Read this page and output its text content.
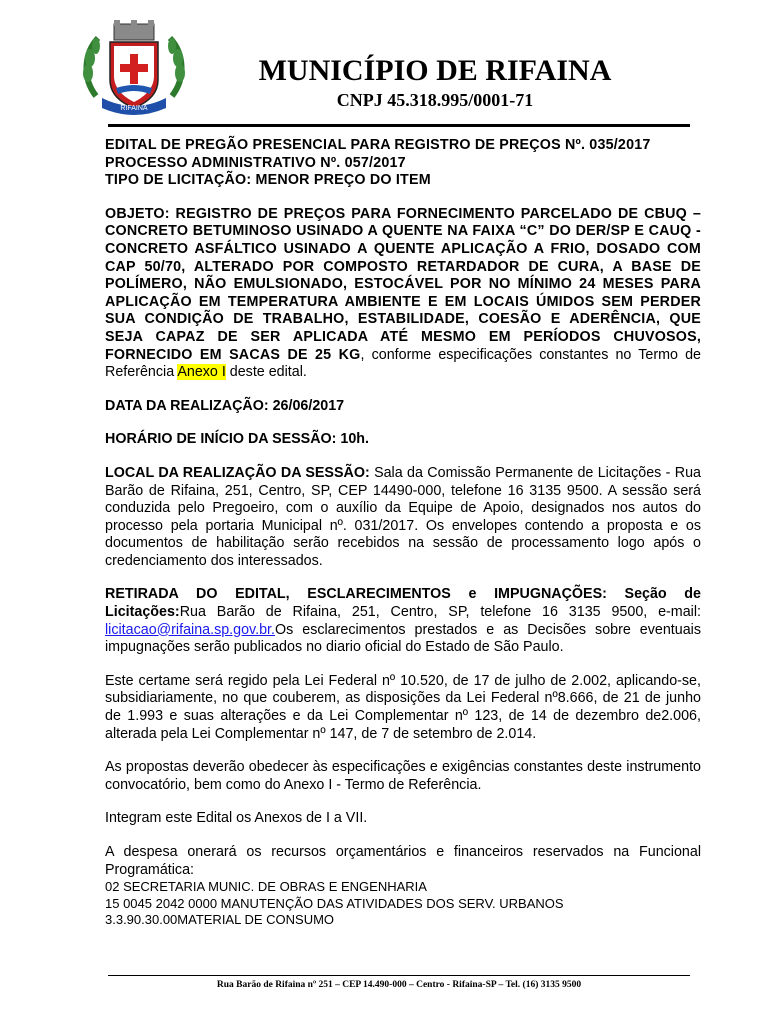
RIFAINA
MUNICÍPIO DE RIFAINA
CNPJ 45.318.995/0001-71

EDITAL DE PREGÃO PRESENCIAL PARA REGISTRO DE PREÇOS Nº. 035/2017

PROCESSO ADMINISTRATIVO Nº. 057/2017

TIPO DE LICITAÇÃO: MENOR PREÇO DO ITEM

OBJETO: REGISTRO DE PREÇOS PARA FORNECIMENTO PARCELADO DE CBUQ –CONCRETO BETUMINOSO USINADO A QUENTE NA FAIXA “C” DO DER/SP E CAUQ -CONCRETO ASFÁLTICO USINADO A QUENTE APLICAÇÃO A FRIO, DOSADO COM CAP 50/70, ALTERADO POR COMPOSTO RETARDADOR DE CURA, A BASE DE POLÍMERO, NÃO EMULSIONADO, ESTOCÁVEL POR NO MÍNIMO 24 MESES PARA APLICAÇÃO EM TEMPERATURA AMBIENTE E EM LOCAIS ÚMIDOS SEM PERDER SUA CONDIÇÃO DE TRABALHO, ESTABILIDADE, COESÃO E ADERÊNCIA, QUE SEJA CAPAZ DE SER APLICADA ATÉ MESMO EM PERÍODOS CHUVOSOS, FORNECIDO EM SACAS DE 25 KG, conforme especificações constantes no Termo de Referência Anexo I deste edital.

DATA DA REALIZAÇÃO: 26/06/2017

HORÁRIO DE INÍCIO DA SESSÃO: 10h.

LOCAL DA REALIZAÇÃO DA SESSÃO: Sala da Comissão Permanente de Licitações - Rua Barão de Rifaina, 251, Centro, SP, CEP 14490-000, telefone 16 3135 9500. A sessão será conduzida pelo Pregoeiro, com o auxílio da Equipe de Apoio, designados nos autos do processo pela portaria Municipal nº. 031/2017. Os envelopes contendo a proposta e os documentos de habilitação serão recebidos na sessão de processamento logo após o credenciamento dos interessados.

RETIRADA DO EDITAL, ESCLARECIMENTOS e IMPUGNAÇÕES: Seção de Licitações:Rua Barão de Rifaina, 251, Centro, SP, telefone 16 3135 9500, e-mail: licitacao@rifaina.sp.gov.br.Os esclarecimentos prestados e as Decisões sobre eventuais impugnações serão publicados no diario oficial do Estado de São Paulo.

Este certame será regido pela Lei Federal nº 10.520, de 17 de julho de 2.002, aplicando-se, subsidiariamente, no que couberem, as disposições da Lei Federal nº8.666, de 21 de junho de 1.993 e suas alterações e da Lei Complementar nº 123, de 14 de dezembro de2.006, alterada pela Lei Complementar nº 147, de 7 de setembro de 2.014.

As propostas deverão obedecer às especificações e exigências constantes deste instrumento convocatório, bem como do Anexo I - Termo de Referência.

Integram este Edital os Anexos de I a VII.

A despesa onerará os recursos orçamentários e financeiros reservados na Funcional Programática:

02 SECRETARIA MUNIC. DE OBRAS E ENGENHARIA

15 0045 2042 0000 MANUTENÇÃO DAS ATIVIDADES DOS SERV. URBANOS

3.3.90.30.00MATERIAL DE CONSUMO

Rua Barão de Rifaina nº 251 – CEP 14.490-000 – Centro - Rifaina-SP – Tel. (16) 3135 9500
